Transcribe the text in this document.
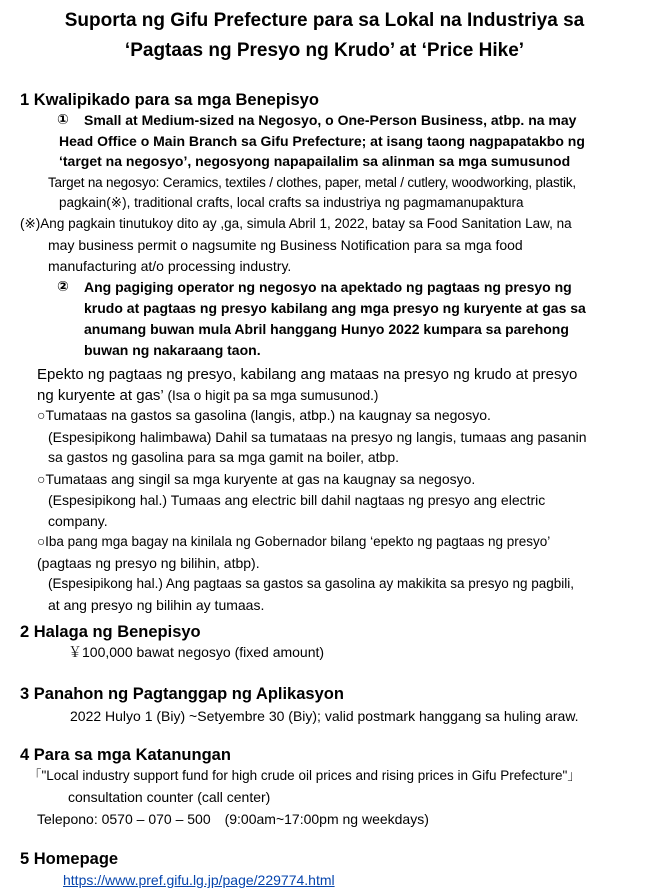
Suporta ng Gifu Prefecture para sa Lokal na Industriya sa
‘Pagtaas ng Presyo ng Krudo’ at ‘Price Hike’
1 Kwalipikado para sa mga Benepisyo
① Small at Medium-sized na Negosyo, o One-Person Business, atbp. na may
Head Office o Main Branch sa Gifu Prefecture; at isang taong nagpapatakbo ng
‘target na negosyo’, negosyong napapailalim sa alinman sa mga sumusunod
Target na negosyo: Ceramics, textiles / clothes, paper, metal / cutlery, woodworking, plastik,
pagkain(※), traditional crafts, local crafts sa industriya ng pagmamanupaktura
(※)Ang pagkain tinutukoy dito ay ,ga, simula Abril 1, 2022, batay sa Food Sanitation Law, na
may business permit o nagsumite ng Business Notification para sa mga food
manufacturing at/o processing industry.
② Ang pagiging operator ng negosyo na apektado ng pagtaas ng presyo ng
krudo at pagtaas ng presyo kabilang ang mga presyo ng kuryente at gas sa
anumang buwan mula Abril hanggang Hunyo 2022 kumpara sa parehong
buwan ng nakaraang taon.
Epekto ng pagtaas ng presyo, kabilang ang mataas na presyo ng krudo at presyo
ng kuryente at gas’ (Isa o higit pa sa mga sumusunod.)
○Tumataas na gastos sa gasolina (langis, atbp.) na kaugnay sa negosyo.
(Espesipikong halimbawa) Dahil sa tumataas na presyo ng langis, tumaas ang pasanin
sa gastos ng gasolina para sa mga gamit na boiler, atbp.
○Tumataas ang singil sa mga kuryente at gas na kaugnay sa negosyo.
(Espesipikong hal.) Tumaas ang electric bill dahil nagtaas ng presyo ang electric
company.
○Iba pang mga bagay na kinilala ng Gobernador bilang ‘epekto ng pagtaas ng presyo’
(pagtaas ng presyo ng bilihin, atbp).
(Espesipikong hal.) Ang pagtaas sa gastos sa gasolina ay makikita sa presyo ng pagbili,
at ang presyo ng bilihin ay tumaas.
2 Halaga ng Benepisyo
￥100,000 bawat negosyo (fixed amount)
3 Panahon ng Pagtanggap ng Aplikasyon
2022 Hulyo 1 (Biy) ~Setyembre 30 (Biy); valid postmark hanggang sa huling araw.
4 Para sa mga Katanungan
「"Local industry support fund for high crude oil prices and rising prices in Gifu Prefecture"」
consultation counter (call center)
Telepono: 0570 – 070 – 500　(9:00am~17:00pm ng weekdays)
5 Homepage
https://www.pref.gifu.lg.jp/page/229774.html
